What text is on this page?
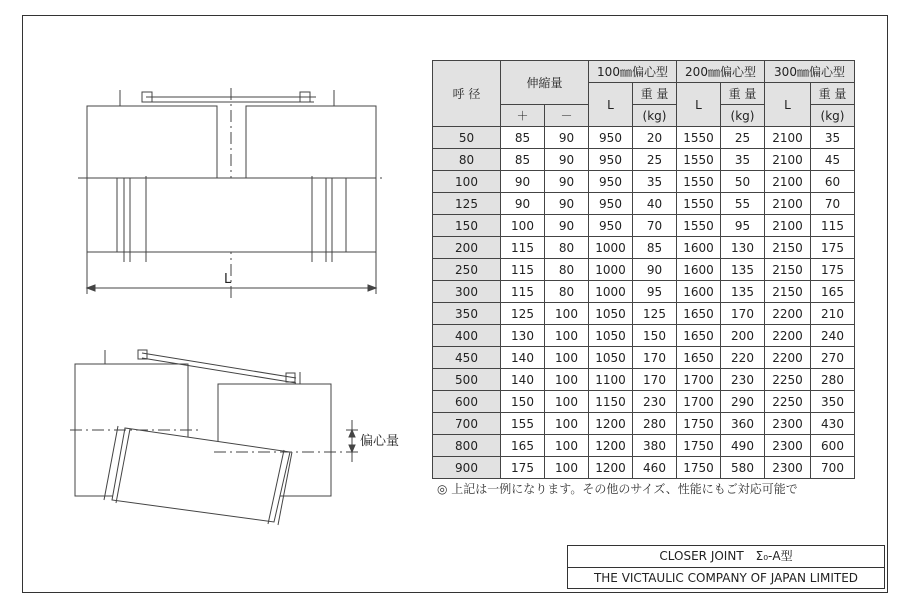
L
偏心量
呼 径	伸縮量		100㎜偏心型		200㎜偏心型		300㎜偏心型	
			L	重 量	L	重 量	L	重 量
	＋	－		(kg)		(kg)		(kg)
50	85	90	950	20	1550	25	2100	35
80	85	90	950	25	1550	35	2100	45
100	90	90	950	35	1550	50	2100	60
125	90	90	950	40	1550	55	2100	70
150	100	90	950	70	1550	95	2100	115
200	115	80	1000	85	1600	130	2150	175
250	115	80	1000	90	1600	135	2150	175
300	115	80	1000	95	1600	135	2150	165
350	125	100	1050	125	1650	170	2200	210
400	130	100	1050	150	1650	200	2200	240
450	140	100	1050	170	1650	220	2200	270
500	140	100	1100	170	1700	230	2250	280
600	150	100	1150	230	1700	290	2250	350
700	155	100	1200	280	1750	360	2300	430
800	165	100	1200	380	1750	490	2300	600
900	175	100	1200	460	1750	580	2300	700
◎ 上記は一例になります。その他のサイズ、性能にもご対応可能で
CLOSER JOINT　Σ₀-A型
THE VICTAULIC COMPANY OF JAPAN LIMITED
